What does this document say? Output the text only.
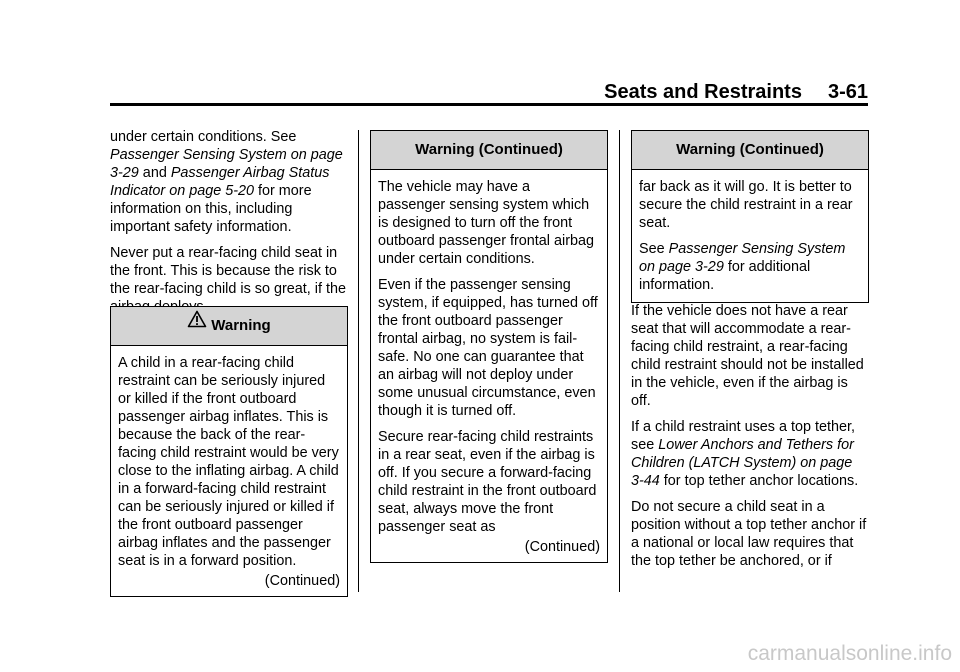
Seats and Restraints 3-61

under certain conditions. See Passenger Sensing System on page 3-29 and Passenger Airbag Status Indicator on page 5-20 for more information on this, including important safety information.

Never put a rear-facing child seat in the front. This is because the risk to the rear-facing child is so great, if the

Warning

A child in a rear-facing child restraint can be seriously injured or killed if the front outboard passenger airbag inflates. This is because the back of the rear-facing child restraint would be very close to the inflating airbag. A child in a forward-facing child restraint can be seriously injured or killed if the front outboard passenger airbag inflates and the passenger seat is in a forward position.

(Continued)
Warning (Continued)

The vehicle may have a passenger sensing system which is designed to turn off the front outboard passenger frontal airbag under certain conditions.

Even if the passenger sensing system, if equipped, has turned off the front outboard passenger frontal airbag, no system is fail-safe. No one can guarantee that an airbag will not deploy under some unusual circumstance, even though it is turned off.

Secure rear-facing child restraints in a rear seat, even if the airbag is off. If you secure a forward-facing child restraint in the front outboard seat, always move the front passenger seat as

(Continued)
Warning (Continued)

far back as it will go. It is better to secure the child restraint in a rear seat.

See Passenger Sensing System on page 3-29 for additional information.

If the vehicle does not have a rear seat that will accommodate a rear-facing child restraint, a rear-facing child restraint should not be installed in the vehicle, even if the airbag is off.

If a child restraint uses a top tether, see Lower Anchors and Tethers for Children (LATCH System) on page 3-44 for top tether anchor locations.

Do not secure a child seat in a position without a top tether anchor if a national or local law requires that the top tether be anchored, or if

carmanualsonline.info
